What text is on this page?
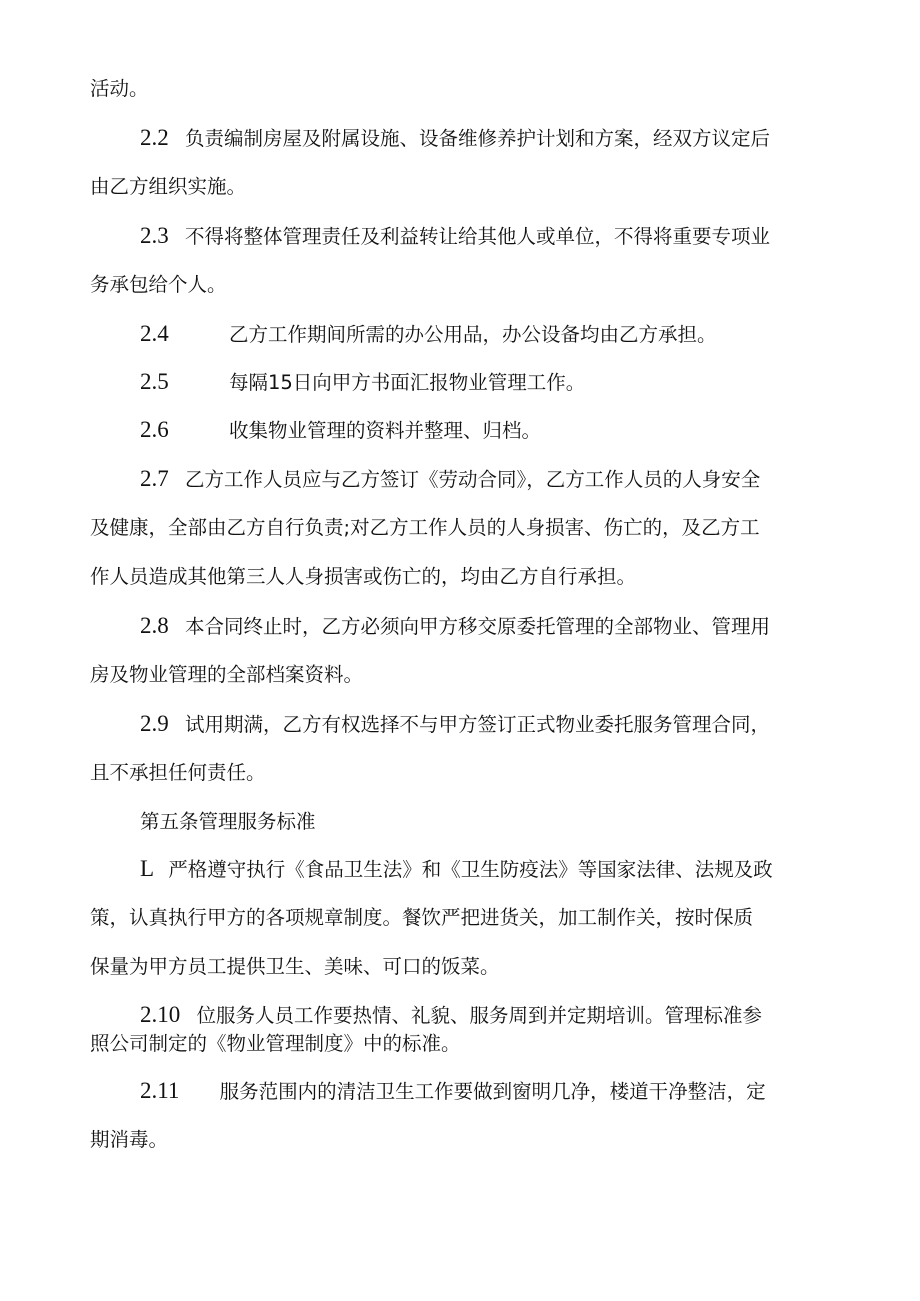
活动。
2.2 负责编制房屋及附属设施、设备维修养护计划和方案，经双方议定后
由乙方组织实施。
2.3 不得将整体管理责任及利益转让给其他人或单位，不得将重要专项业
务承包给个人。
2.4	乙方工作期间所需的办公用品，办公设备均由乙方承担。
2.5	每隔15日向甲方书面汇报物业管理工作。
2.6	收集物业管理的资料并整理、归档。
2.7 乙方工作人员应与乙方签订《劳动合同》，乙方工作人员的人身安全
及健康，全部由乙方自行负责;对乙方工作人员的人身损害、伤亡的，及乙方工
作人员造成其他第三人人身损害或伤亡的，均由乙方自行承担。
2.8 本合同终止时，乙方必须向甲方移交原委托管理的全部物业、管理用
房及物业管理的全部档案资料。
2.9 试用期满，乙方有权选择不与甲方签订正式物业委托服务管理合同，
且不承担任何责任。
第五条管理服务标准
L 严格遵守执行《食品卫生法》和《卫生防疫法》等国家法律、法规及政
策，认真执行甲方的各项规章制度。餐饮严把进货关，加工制作关，按时保质
保量为甲方员工提供卫生、美味、可口的饭菜。
2.10 位服务人员工作要热情、礼貌、服务周到并定期培训。管理标准参
照公司制定的《物业管理制度》中的标准。
2.11 服务范围内的清洁卫生工作要做到窗明几净，楼道干净整洁，定
期消毒。
